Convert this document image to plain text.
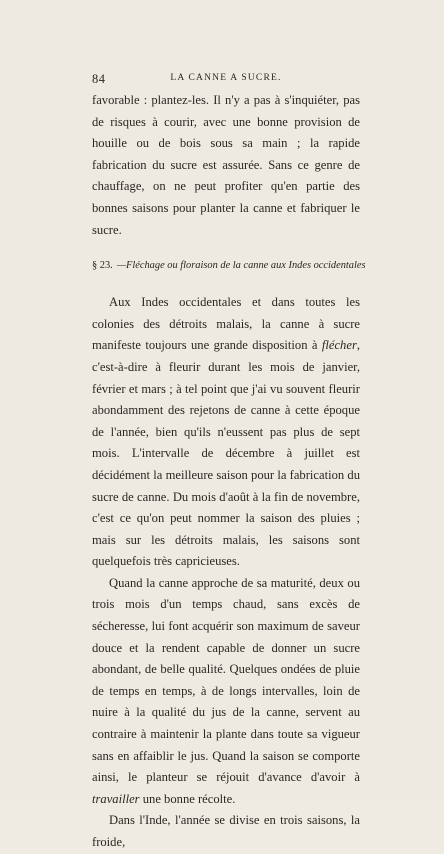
84	LA CANNE A SUCRE.

favorable : plantez-les. Il n'y a pas à s'inquiéter, pas de risques à courir, avec une bonne provision de houille ou de bois sous sa main ; la rapide fabrication du sucre est assurée. Sans ce genre de chauffage, on ne peut profiter qu'en partie des bonnes saisons pour planter la canne et fabriquer le sucre.

§ 23. —Fléchage ou floraison de la canne aux Indes occidentales

Aux Indes occidentales et dans toutes les colonies des détroits malais, la canne à sucre manifeste toujours une grande disposition à flécher, c'est-à-dire à fleurir durant les mois de janvier, février et mars ; à tel point que j'ai vu souvent fleurir abondamment des rejetons de canne à cette époque de l'année, bien qu'ils n'eussent pas plus de sept mois. L'intervalle de décembre à juillet est décidément la meilleure saison pour la fabrication du sucre de canne. Du mois d'août à la fin de novembre, c'est ce qu'on peut nommer la saison des pluies ; mais sur les détroits malais, les saisons sont quelquefois très capricieuses.

Quand la canne approche de sa maturité, deux ou trois mois d'un temps chaud, sans excès de sécheresse, lui font acquérir son maximum de saveur douce et la rendent capable de donner un sucre abondant, de belle qualité. Quelques ondées de pluie de temps en temps, à de longs intervalles, loin de nuire à la qualité du jus de la canne, servent au contraire à maintenir la plante dans toute sa vigueur sans en affaiblir le jus. Quand la saison se comporte ainsi, le planteur se réjouit d'avance d'avoir à travailler une bonne récolte.

Dans l'Inde, l'année se divise en trois saisons, la froide,
